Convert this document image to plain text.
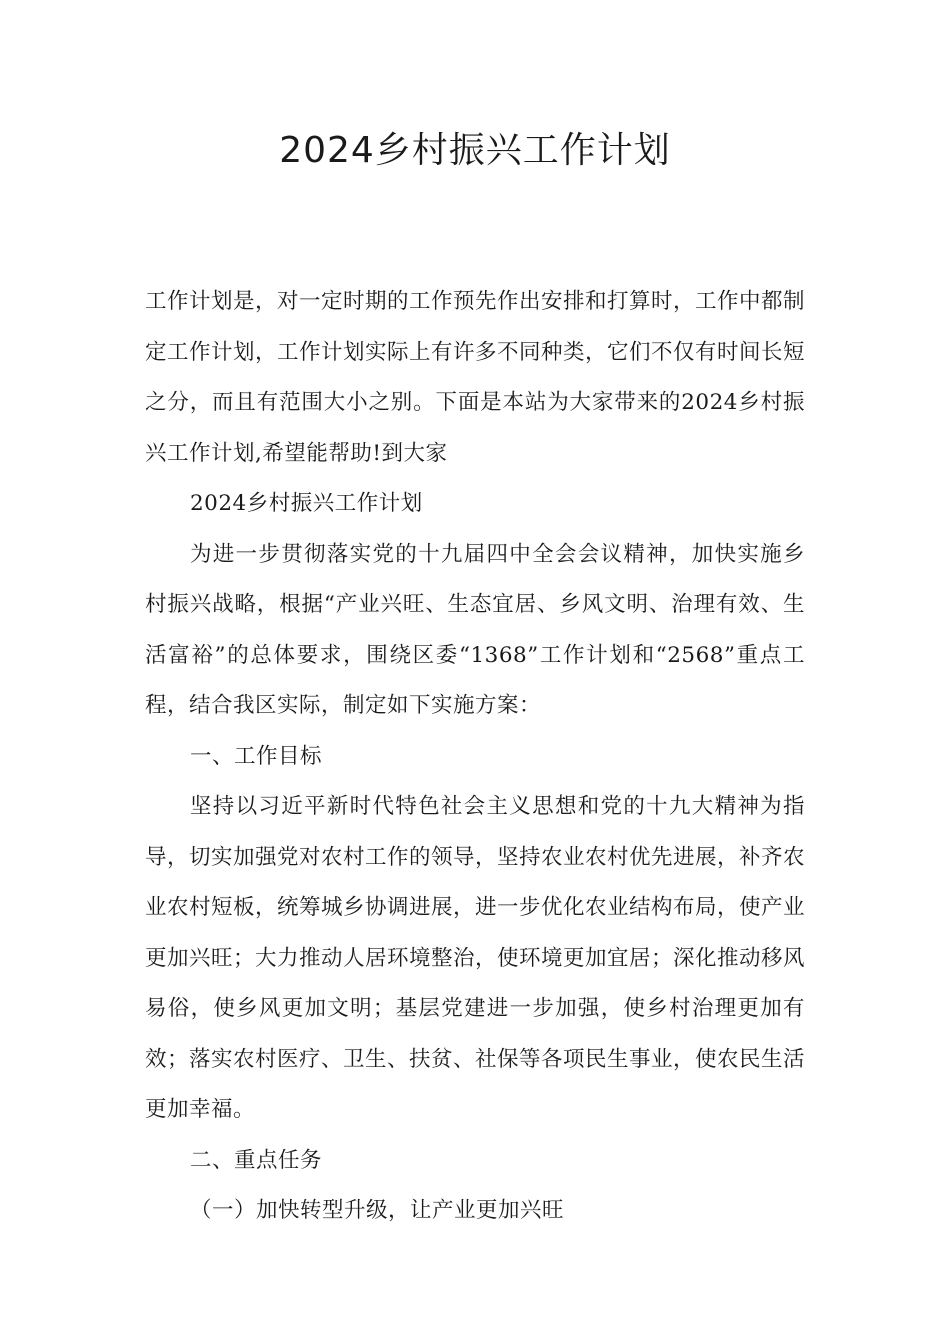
2024乡村振兴工作计划

工作计划是，对一定时期的工作预先作出安排和打算时，工作中都制定工作计划，工作计划实际上有许多不同种类，它们不仅有时间长短之分，而且有范围大小之别。下面是本站为大家带来的2024乡村振兴工作计划,希望能帮助!到大家

2024乡村振兴工作计划

为进一步贯彻落实党的十九届四中全会会议精神，加快实施乡村振兴战略，根据“产业兴旺、生态宜居、乡风文明、治理有效、生活富裕”的总体要求，围绕区委“1368”工作计划和“2568”重点工程，结合我区实际，制定如下实施方案：

一、工作目标

坚持以习近平新时代特色社会主义思想和党的十九大精神为指导，切实加强党对农村工作的领导，坚持农业农村优先进展，补齐农业农村短板，统筹城乡协调进展，进一步优化农业结构布局，使产业更加兴旺；大力推动人居环境整治，使环境更加宜居；深化推动移风易俗，使乡风更加文明；基层党建进一步加强，使乡村治理更加有效；落实农村医疗、卫生、扶贫、社保等各项民生事业，使农民生活更加幸福。

二、重点任务

（一）加快转型升级，让产业更加兴旺
